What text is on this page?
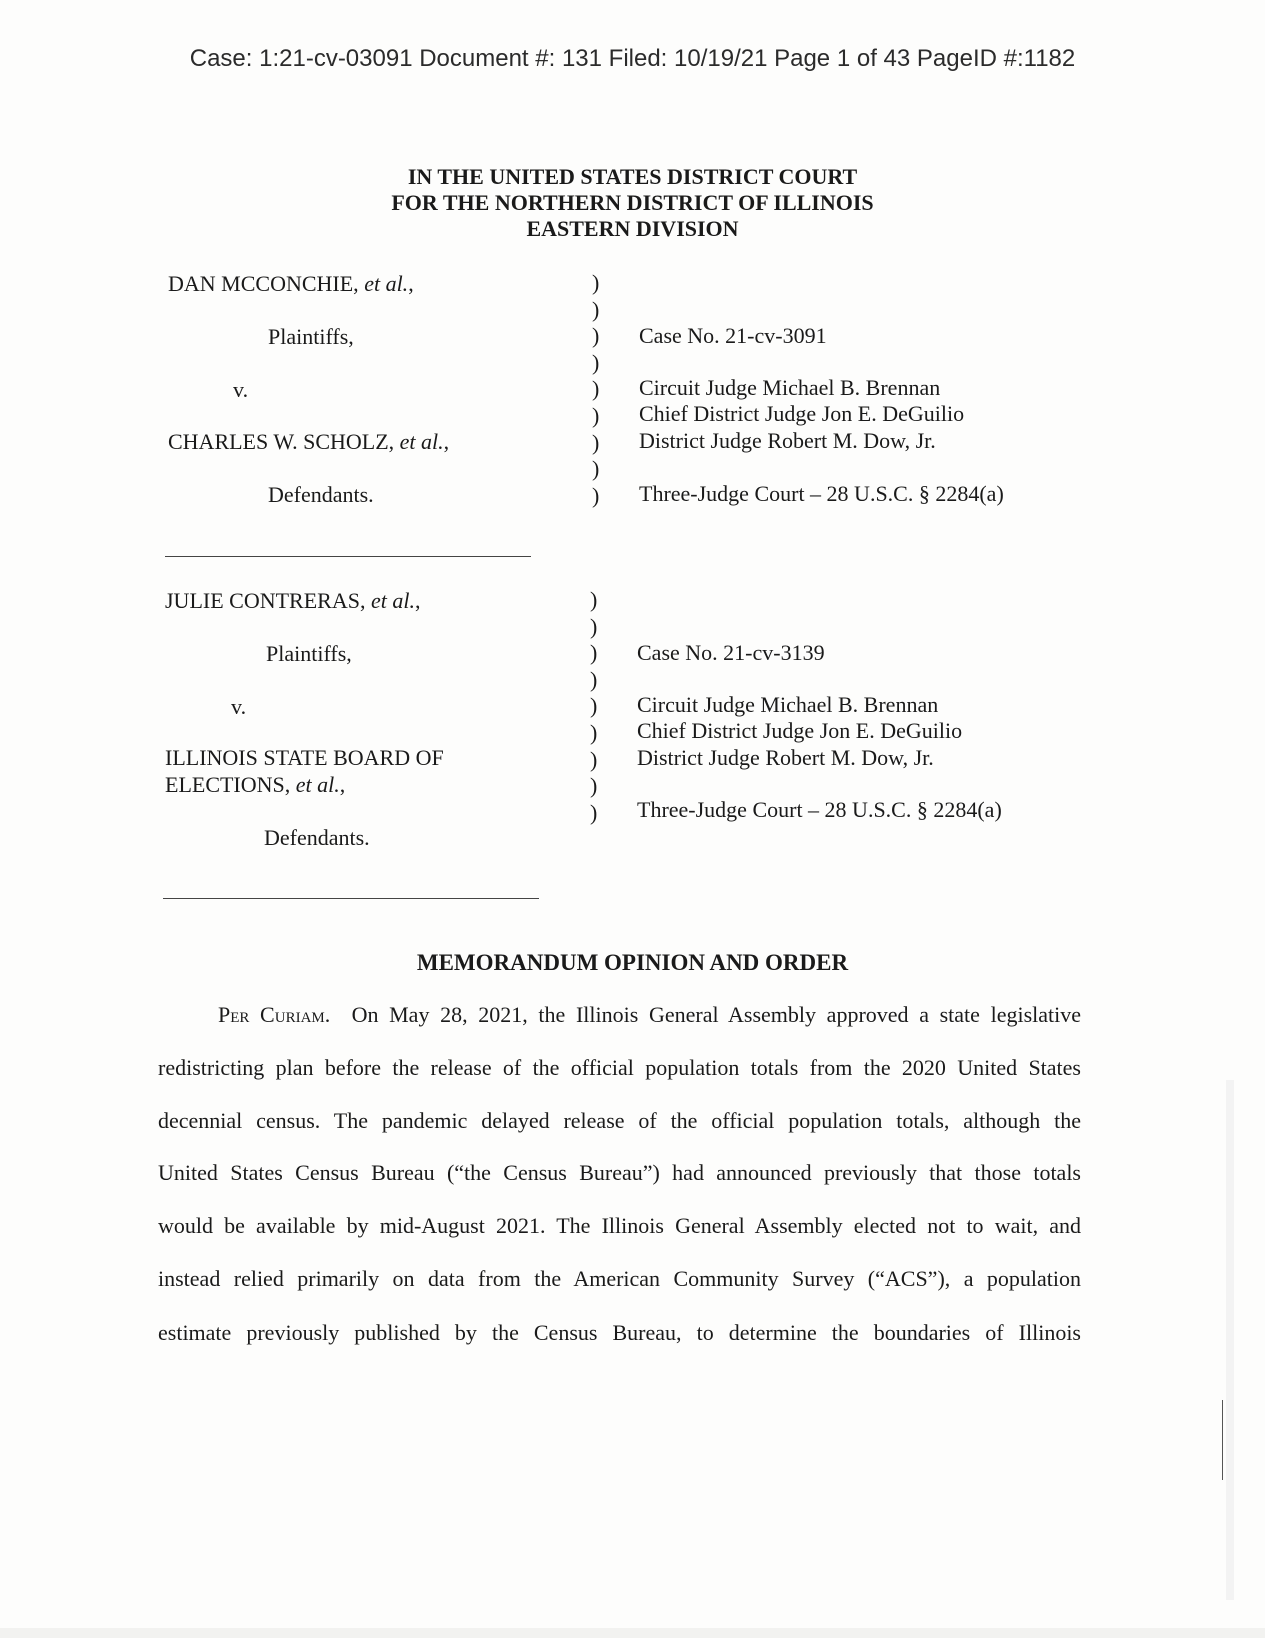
Case: 1:21-cv-03091 Document #: 131 Filed: 10/19/21 Page 1 of 43 PageID #:1182
IN THE UNITED STATES DISTRICT COURT
FOR THE NORTHERN DISTRICT OF ILLINOIS
EASTERN DIVISION
DAN MCCONCHIE, et al.,
Plaintiffs,
v.
CHARLES W. SCHOLZ, et al.,
Defendants.
)
)
)
)
)
)
)
)
)
Case No. 21-cv-3091
Circuit Judge Michael B. Brennan
Chief District Judge Jon E. DeGuilio
District Judge Robert M. Dow, Jr.
Three-Judge Court – 28 U.S.C. § 2284(a)
JULIE CONTRERAS, et al.,
Plaintiffs,
v.
ILLINOIS STATE BOARD OF
ELECTIONS, et al.,
Defendants.
)
)
)
)
)
)
)
)
)
Case No. 21-cv-3139
Circuit Judge Michael B. Brennan
Chief District Judge Jon E. DeGuilio
District Judge Robert M. Dow, Jr.
Three-Judge Court – 28 U.S.C. § 2284(a)
MEMORANDUM OPINION AND ORDER
Per Curiam. On May 28, 2021, the Illinois General Assembly approved a state legislative
redistricting plan before the release of the official population totals from the 2020 United States
decennial census. The pandemic delayed release of the official population totals, although the
United States Census Bureau (“the Census Bureau”) had announced previously that those totals
would be available by mid-August 2021. The Illinois General Assembly elected not to wait, and
instead relied primarily on data from the American Community Survey (“ACS”), a population
estimate previously published by the Census Bureau, to determine the boundaries of Illinois
